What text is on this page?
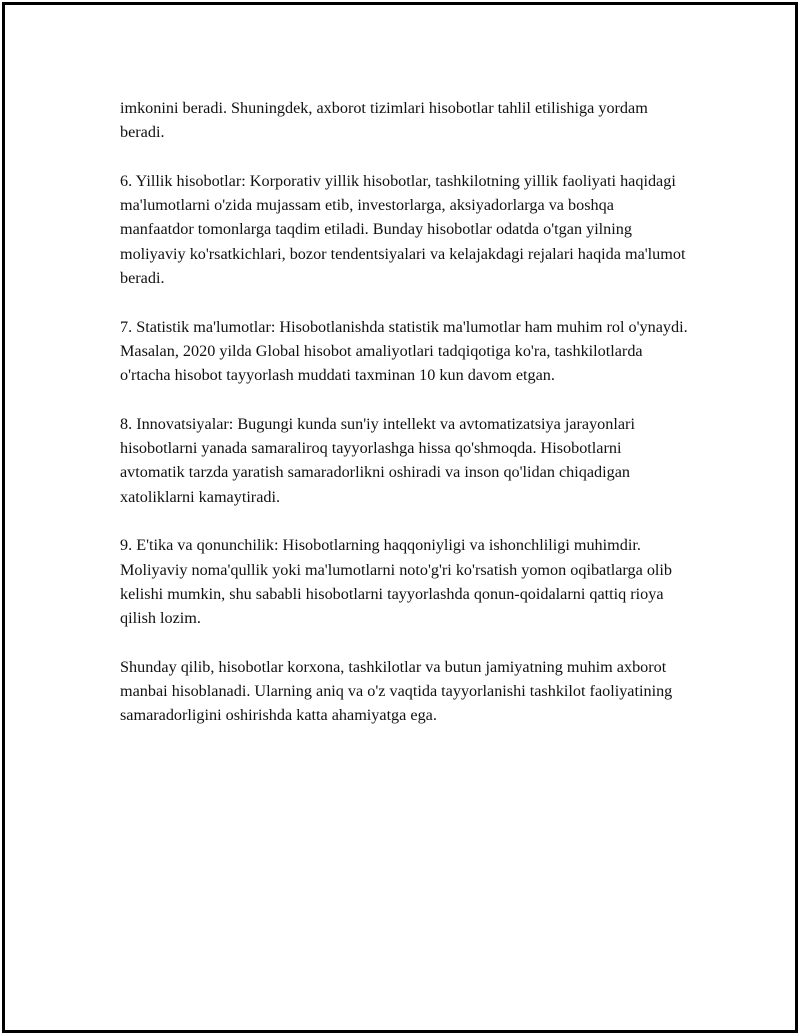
imkonini beradi. Shuningdek, axborot tizimlari hisobotlar tahlil etilishiga yordam beradi.

6. Yillik hisobotlar: Korporativ yillik hisobotlar, tashkilotning yillik faoliyati haqidagi ma'lumotlarni o'zida mujassam etib, investorlarga, aksiyadorlarga va boshqa manfaatdor tomonlarga taqdim etiladi. Bunday hisobotlar odatda o'tgan yilning moliyaviy ko'rsatkichlari, bozor tendentsiyalari va kelajakdagi rejalari haqida ma'lumot beradi.

7. Statistik ma'lumotlar: Hisobotlanishda statistik ma'lumotlar ham muhim rol o'ynaydi. Masalan, 2020 yilda Global hisobot amaliyotlari tadqiqotiga ko'ra, tashkilotlarda o'rtacha hisobot tayyorlash muddati taxminan 10 kun davom etgan.

8. Innovatsiyalar: Bugungi kunda sun'iy intellekt va avtomatizatsiya jarayonlari hisobotlarni yanada samaraliroq tayyorlashga hissa qo'shmoqda. Hisobotlarni avtomatik tarzda yaratish samaradorlikni oshiradi va inson qo'lidan chiqadigan xatoliklarni kamaytiradi.

9. E'tika va qonunchilik: Hisobotlarning haqqoniyligi va ishonchliligi muhimdir. Moliyaviy noma'qullik yoki ma'lumotlarni noto'g'ri ko'rsatish yomon oqibatlarga olib kelishi mumkin, shu sababli hisobotlarni tayyorlashda qonun-qoidalarni qattiq rioya qilish lozim.

Shunday qilib, hisobotlar korxona, tashkilotlar va butun jamiyatning muhim axborot manbai hisoblanadi. Ularning aniq va o'z vaqtida tayyorlanishi tashkilot faoliyatining samaradorligini oshirishda katta ahamiyatga ega.
